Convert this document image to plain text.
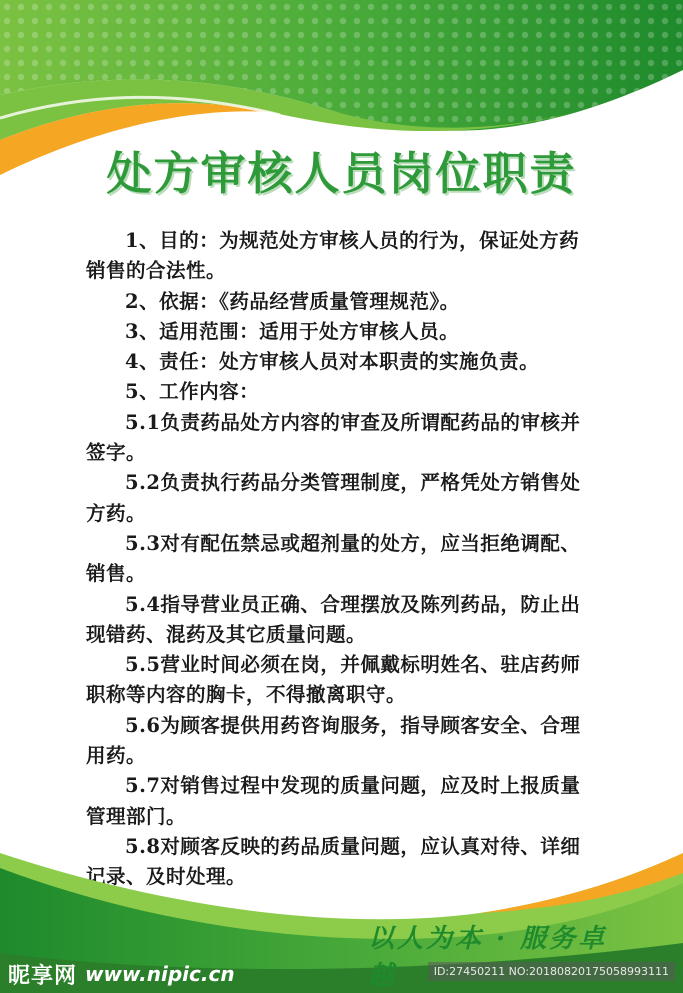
处方审核人员岗位职责

1、目的：为规范处方审核人员的行为，保证处方药销售的合法性。

2、依据：《药品经营质量管理规范》。

3、适用范围：适用于处方审核人员。

4、责任：处方审核人员对本职责的实施负责。

5、工作内容：

5.1负责药品处方内容的审查及所谓配药品的审核并签字。

5.2负责执行药品分类管理制度，严格凭处方销售处方药。

5.3对有配伍禁忌或超剂量的处方，应当拒绝调配、销售。

5.4指导营业员正确、合理摆放及陈列药品，防止出现错药、混药及其它质量问题。

5.5营业时间必须在岗，并佩戴标明姓名、驻店药师职称等内容的胸卡，不得撤离职守。

5.6为顾客提供用药咨询服务，指导顾客安全、合理用药。

5.7对销售过程中发现的质量问题，应及时上报质量管理部门。

5.8对顾客反映的药品质量问题，应认真对待、详细记录、及时处理。

以人为本 · 服务卓越
昵享网 www.nipic.cn	ID:27450211 NO:20180820175058993111
